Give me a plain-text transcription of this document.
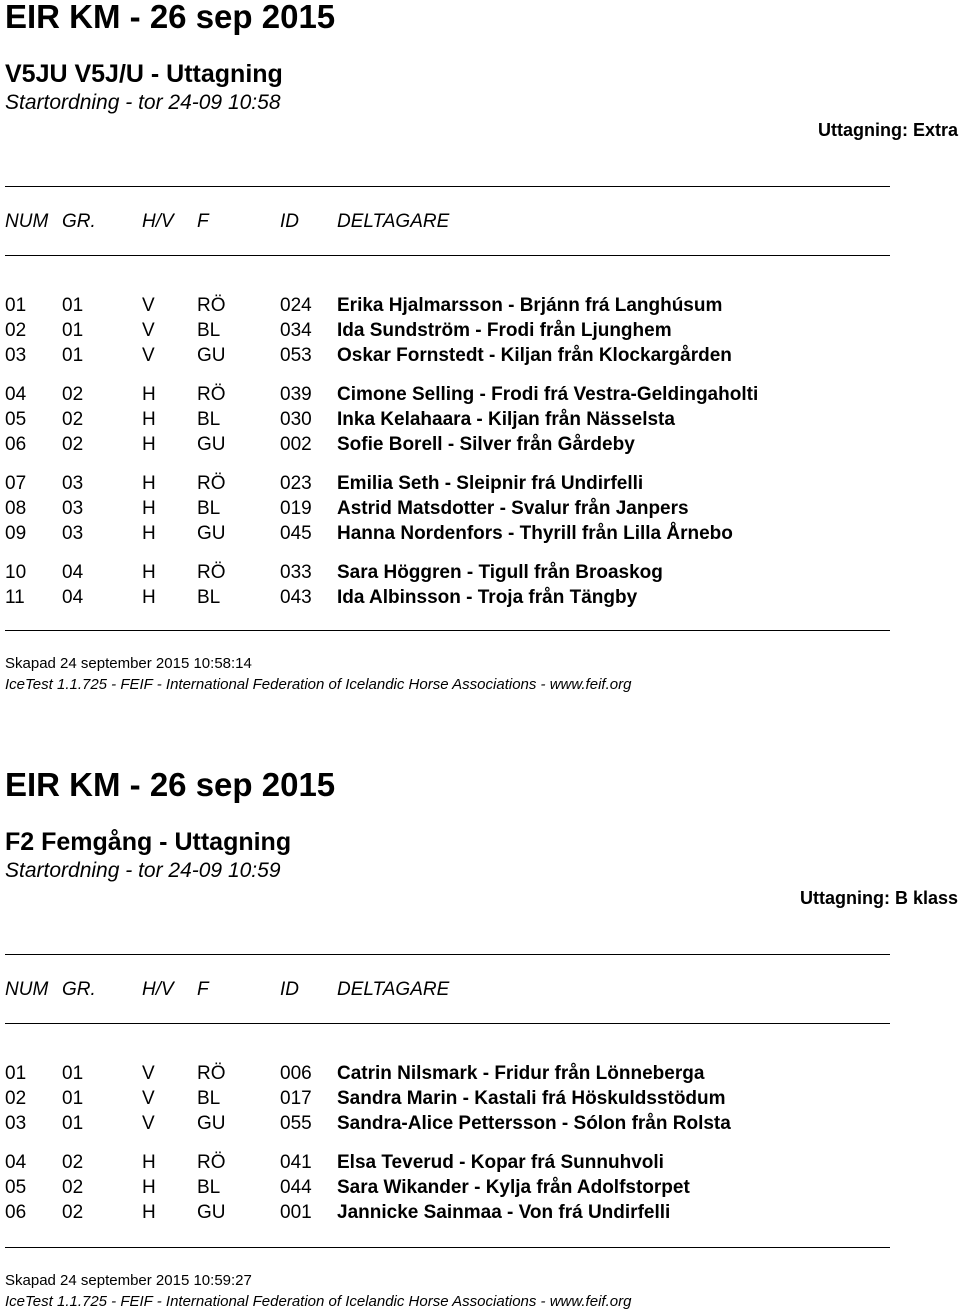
EIR KM - 26 sep 2015
V5JU V5J/U - Uttagning
Startordning - tor 24-09 10:58
Uttagning: Extra
NUM GR. H/V F	ID DELTAGARE
01 01	V RÖ	024 Erika Hjalmarsson - Brjánn frá Langhúsum
02 01	V BL	034 Ida Sundström - Frodi från Ljunghem
03 01	V GU	053 Oskar Fornstedt - Kiljan från Klockargården
04 02	H RÖ	039 Cimone Selling - Frodi frá Vestra-Geldingaholti
05 02	H BL	030 Inka Kelahaara - Kiljan från Nässelsta
06 02	H GU	002 Sofie Borell - Silver från Gårdeby
07 03	H RÖ	023 Emilia Seth - Sleipnir frá Undirfelli
08 03	H BL	019 Astrid Matsdotter - Svalur från Janpers
09 03	H GU	045 Hanna Nordenfors - Thyrill från Lilla Årnebo
10 04	H RÖ	033 Sara Höggren - Tigull från Broaskog
11 04	H BL	043 Ida Albinsson - Troja från Tängby
Skapad 24 september 2015 10:58:14
IceTest 1.1.725 - FEIF - International Federation of Icelandic Horse Associations - www.feif.org
EIR KM - 26 sep 2015
F2 Femgång - Uttagning
Startordning - tor 24-09 10:59
Uttagning: B klass
NUM GR. H/V F	ID DELTAGARE
01 01	V RÖ	006 Catrin Nilsmark - Fridur från Lönneberga
02 01	V BL	017 Sandra Marin - Kastali frá Höskuldsstödum
03 01	V GU	055 Sandra-Alice Pettersson - Sólon från Rolsta
04 02	H RÖ	041 Elsa Teverud - Kopar frá Sunnuhvoli
05 02	H BL	044 Sara Wikander - Kylja från Adolfstorpet
06 02	H GU	001 Jannicke Sainmaa - Von frá Undirfelli
Skapad 24 september 2015 10:59:27
IceTest 1.1.725 - FEIF - International Federation of Icelandic Horse Associations - www.feif.org
